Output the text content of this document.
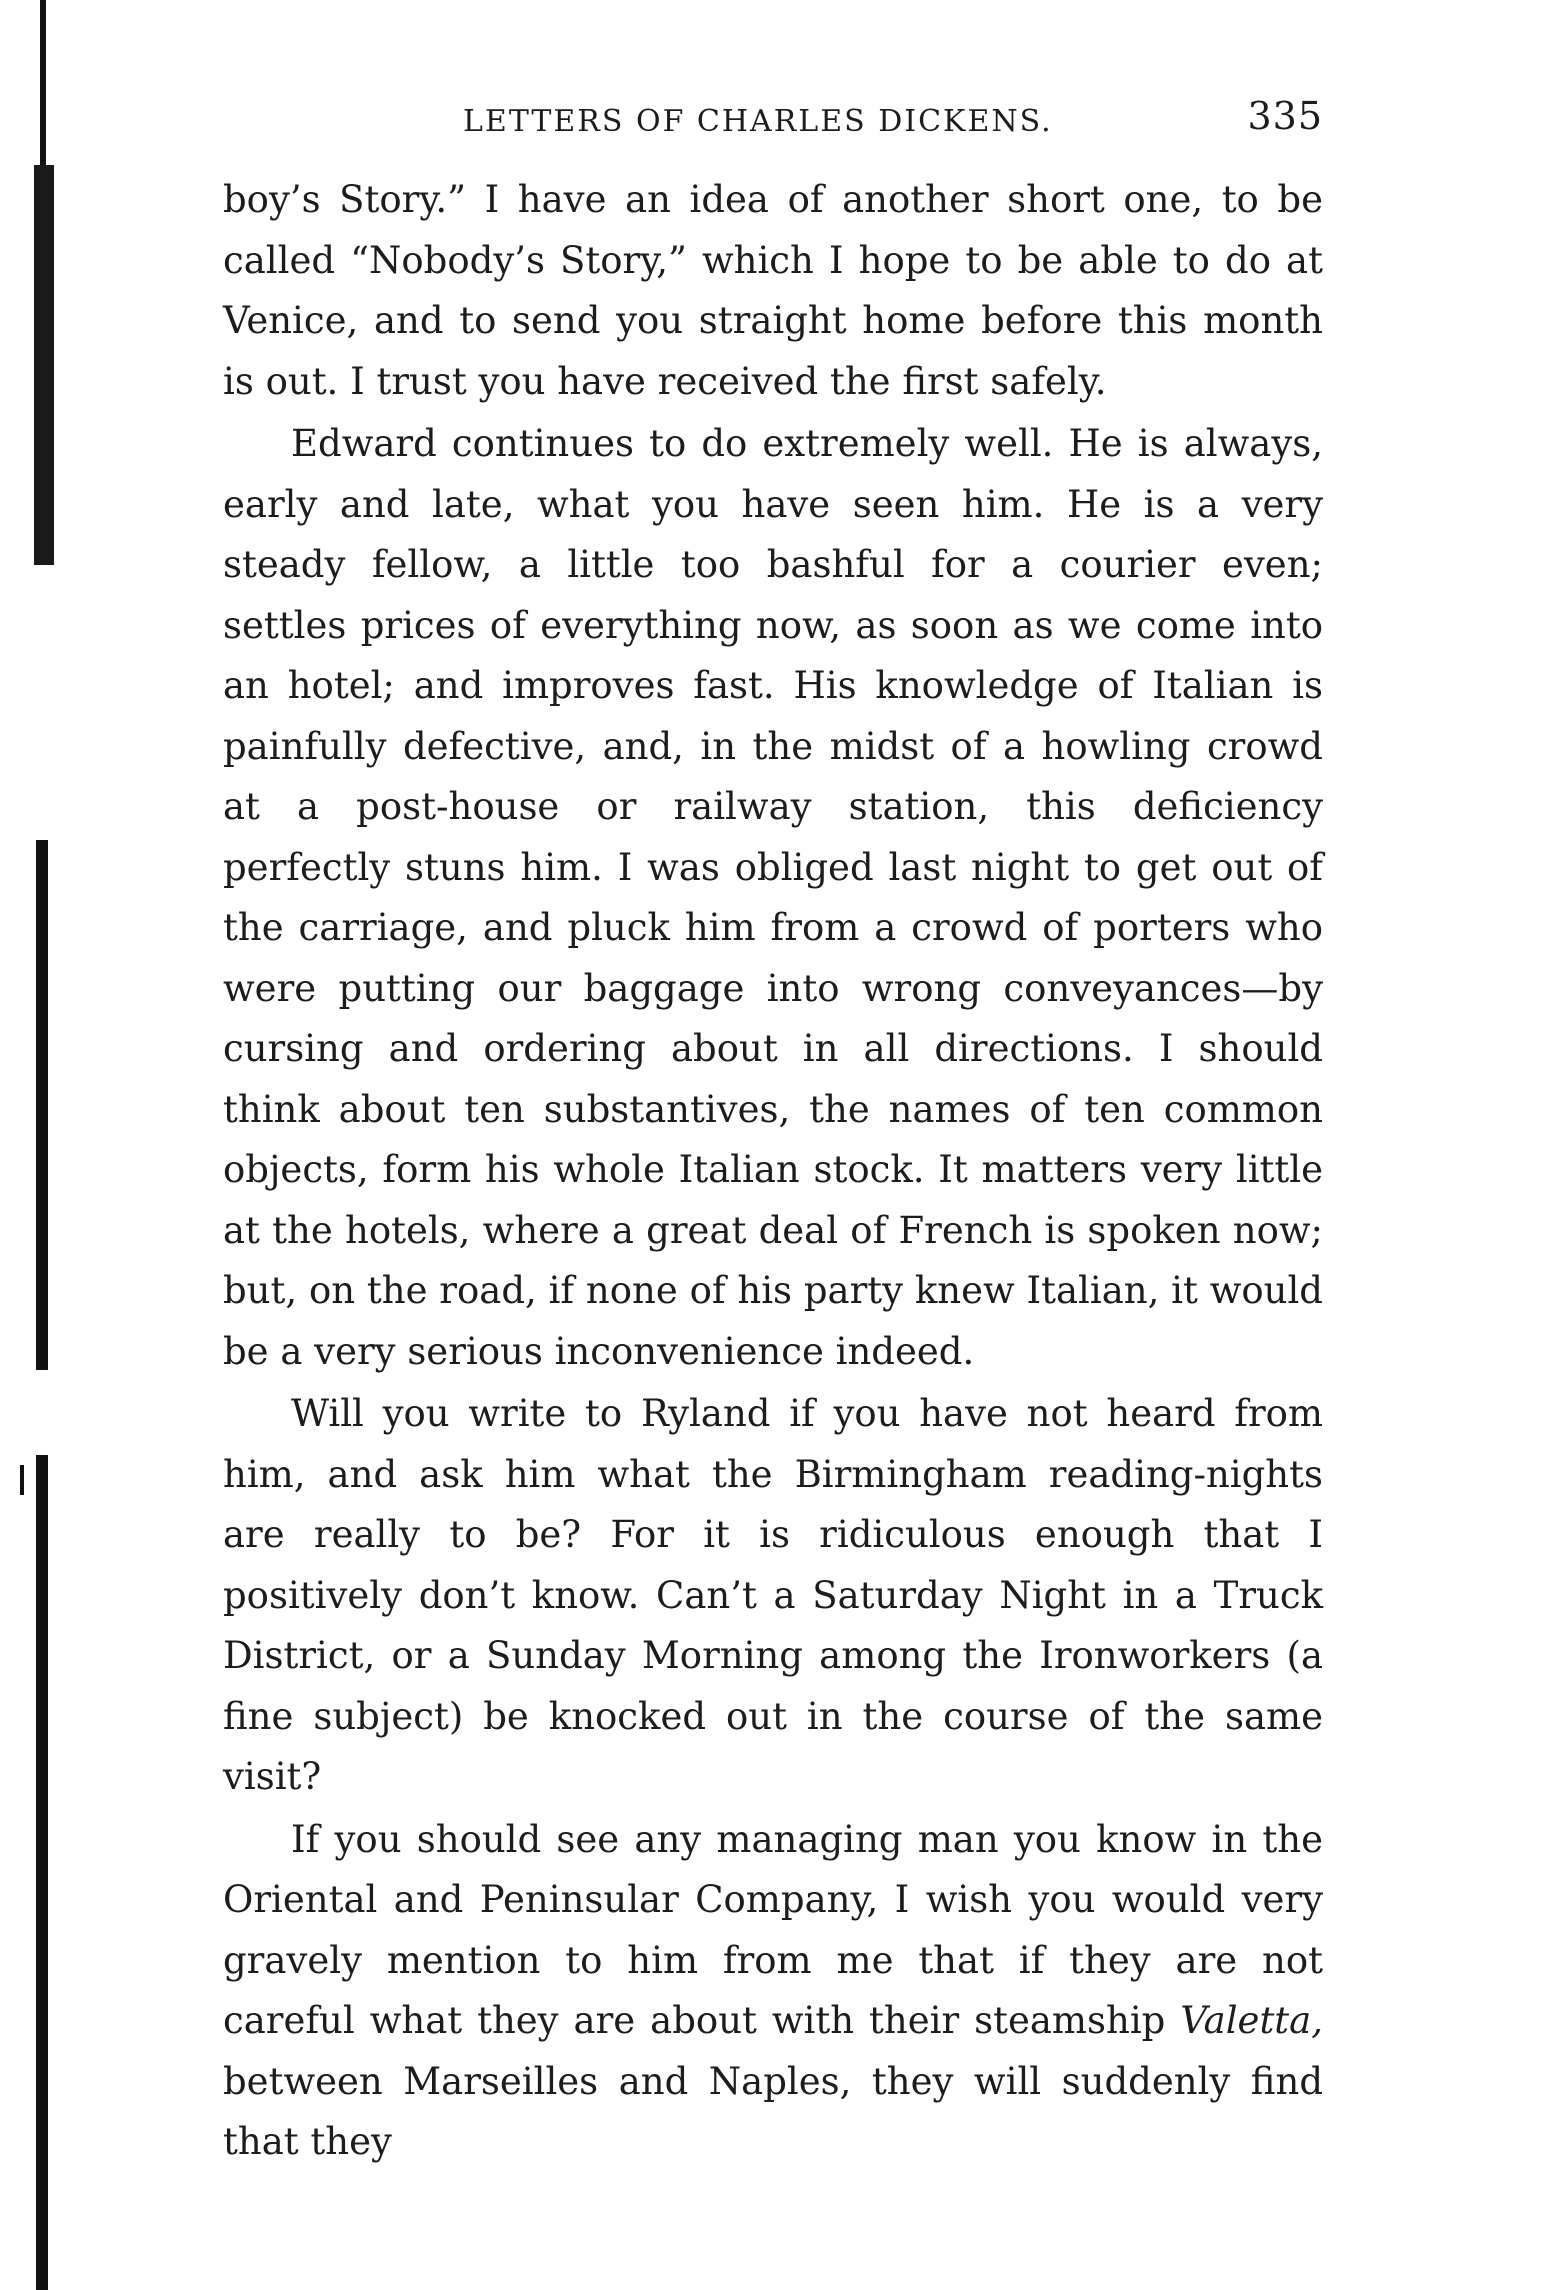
LETTERS OF CHARLES DICKENS.	335

boy’s Story.” I have an idea of another short one, to be called “Nobody’s Story,” which I hope to be able to do at Venice, and to send you straight home before this month is out. I trust you have received the first safely.

Edward continues to do extremely well. He is always, early and late, what you have seen him. He is a very steady fellow, a little too bashful for a courier even; settles prices of everything now, as soon as we come into an hotel; and improves fast. His knowledge of Italian is painfully defective, and, in the midst of a howling crowd at a post-house or railway station, this deficiency perfectly stuns him. I was obliged last night to get out of the carriage, and pluck him from a crowd of porters who were putting our baggage into wrong conveyances—by cursing and ordering about in all directions. I should think about ten substantives, the names of ten common objects, form his whole Italian stock. It matters very little at the hotels, where a great deal of French is spoken now; but, on the road, if none of his party knew Italian, it would be a very serious inconvenience indeed.

Will you write to Ryland if you have not heard from him, and ask him what the Birmingham reading-nights are really to be? For it is ridiculous enough that I positively don’t know. Can’t a Saturday Night in a Truck District, or a Sunday Morning among the Ironworkers (a fine subject) be knocked out in the course of the same visit?

If you should see any managing man you know in the Oriental and Peninsular Company, I wish you would very gravely mention to him from me that if they are not careful what they are about with their steamship Valetta, between Marseilles and Naples, they will suddenly find that they
